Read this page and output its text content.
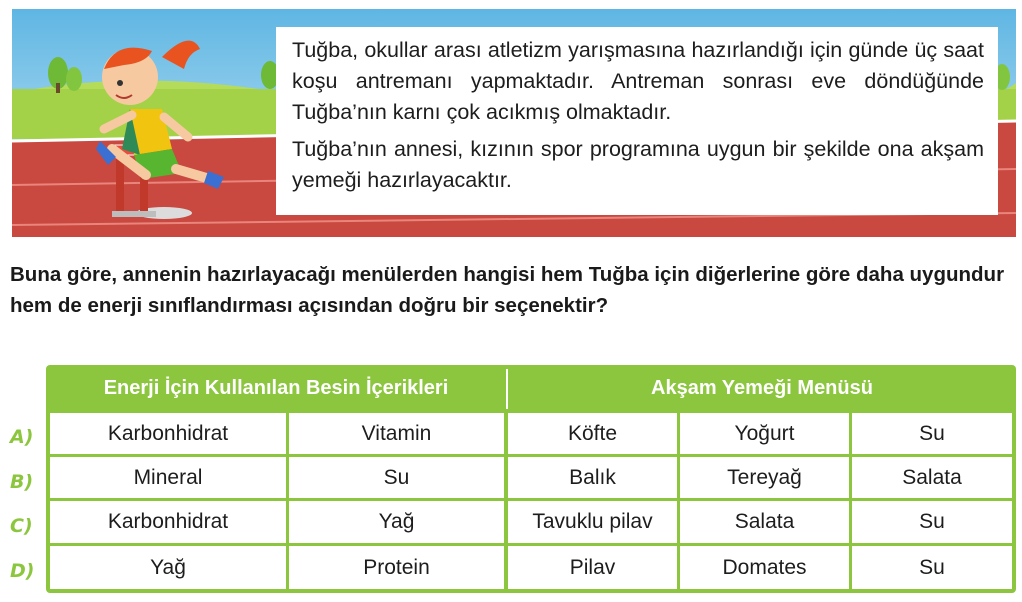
Tuğba, okullar arası atletizm yarışmasına hazırlandığı için günde üç saat koşu antremanı yapmaktadır. Antreman sonrası eve döndüğünde Tuğba’nın karnı çok acıkmış olmaktadır.

Tuğba’nın annesi, kızının spor programına uygun bir şekilde ona akşam yemeği hazırlayacaktır.

Buna göre, annenin hazırlayacağı menülerden hangisi hem Tuğba için diğerlerine göre daha uygundur hem de enerji sınıflandırması açısından doğru bir seçenektir?
A)
B)
C)
D)
Enerji İçin Kullanılan Besin İçerikleri	Akşam Yemeği Menüsü
Karbonhidrat	Vitamin	Köfte	Yoğurt	Su
Mineral	Su	Balık	Tereyağ	Salata
Karbonhidrat	Yağ	Tavuklu pilav	Salata	Su
Yağ	Protein	Pilav	Domates	Su
